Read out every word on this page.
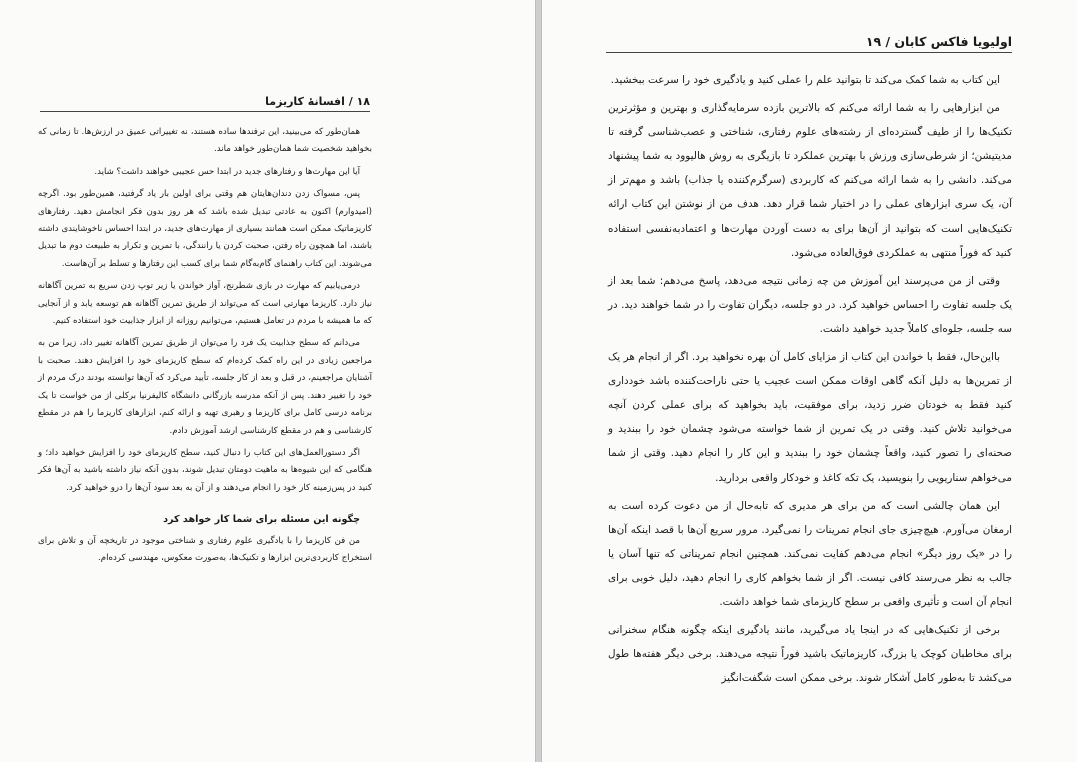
۱۸ / افسانهٔ کاریزما

همان‌طور که می‌بینید، این ترفندها ساده هستند، نه تغییراتی عمیق در ارزش‌ها. تا زمانی که بخواهید شخصیت شما همان‌طور خواهد ماند.

آیا این مهارت‌ها و رفتارهای جدید در ابتدا حس عجیبی خواهند داشت؟ شاید.

پس، مسواک زدن دندان‌هایتان هم وقتی برای اولین بار یاد گرفتید، همین‌طور بود. اگرچه (امیدوارم) اکنون به عادتی تبدیل شده باشد که هر روز بدون فکر انجامش دهید. رفتارهای کاریزماتیک ممکن است همانند بسیاری از مهارت‌های جدید، در ابتدا احساس ناخوشایندی داشته باشند، اما همچون راه رفتن، صحبت کردن یا رانندگی، با تمرین و تکرار به طبیعت دوم ما تبدیل می‌شوند. این کتاب راهنمای گام‌به‌گام شما برای کسب این رفتارها و تسلط بر آن‌هاست.

درمی‌یابیم که مهارت در بازی شطرنج، آواز خواندن یا زیر توپ زدن سریع به تمرین آگاهانه نیاز دارد. کاریزما مهارتی است که می‌تواند از طریق تمرین آگاهانه هم توسعه یابد و از آنجایی که ما همیشه با مردم در تعامل هستیم، می‌توانیم روزانه از ابزار جذابیت خود استفاده کنیم.

می‌دانم که سطح جذابیت یک فرد را می‌توان از طریق تمرین آگاهانه تغییر داد، زیرا من به مراجعین زیادی در این راه کمک کرده‌ام که سطح کاریزمای خود را افزایش دهند. صحبت با آشنایان مراجعینم، در قبل و بعد از کار جلسه، تأیید می‌کرد که آن‌ها توانسته بودند درک مردم از خود را تغییر دهند. پس از آنکه مدرسه بازرگانی دانشگاه کالیفرنیا برکلی از من خواست تا یک برنامه درسی کامل برای کاریزما و رهبری تهیه و ارائه کنم، ابزارهای کاریزما را هم در مقطع کارشناسی و هم در مقطع کارشناسی ارشد آموزش دادم.

اگر دستورالعمل‌های این کتاب را دنبال کنید، سطح کاریزمای خود را افزایش خواهید داد؛ و هنگامی که این شیوه‌ها به ماهیت دومتان تبدیل شوند، بدون آنکه نیاز داشته باشید به آن‌ها فکر کنید در پس‌زمینه کار خود را انجام می‌دهند و از آن به بعد سود آن‌ها را درو خواهید کرد.

چگونه این مسئله برای شما کار خواهد کرد

من فن کاریزما را با یادگیری علوم رفتاری و شناختی موجود در تاریخچه آن و تلاش برای استخراج کاربردی‌ترین ابزارها و تکنیک‌ها، به‌صورت معکوس، مهندسی کرده‌ام.

اولیویا فاکس کابان / ۱۹

این کتاب به شما کمک می‌کند تا بتوانید علم را عملی کنید و یادگیری خود را سرعت ببخشید.

من ابزارهایی را به شما ارائه می‌کنم که بالاترین بازده سرمایه‌گذاری و بهترین و مؤثرترین تکنیک‌ها را از طیف گسترده‌ای از رشته‌های علوم رفتاری، شناختی و عصب‌شناسی گرفته تا مدیتیشن؛ از شرطی‌سازی ورزش با بهترین عملکرد تا بازیگری به روش هالیوود به شما پیشنهاد می‌کند. دانشی را به شما ارائه می‌کنم که کاربردی (سرگرم‌کننده یا جذاب) باشد و مهم‌تر از آن، یک سری ابزارهای عملی را در اختیار شما قرار دهد. هدف من از نوشتن این کتاب ارائه تکنیک‌هایی است که بتوانید از آن‌ها برای به دست آوردن مهارت‌ها و اعتمادبه‌نفسی استفاده کنید که فوراً منتهی به عملکردی فوق‌العاده می‌شود.

وقتی از من می‌پرسند این آموزش من چه زمانی نتیجه می‌دهد، پاسخ می‌دهم: شما بعد از یک جلسه تفاوت را احساس خواهید کرد. در دو جلسه، دیگران تفاوت را در شما خواهند دید. در سه جلسه، جلوه‌ای کاملاً جدید خواهید داشت.

بااین‌حال، فقط با خواندن این کتاب از مزایای کامل آن بهره نخواهید برد. اگر از انجام هر یک از تمرین‌ها به دلیل آنکه گاهی اوقات ممکن است عجیب یا حتی ناراحت‌کننده باشد خودداری کنید فقط به خودتان ضرر زدید، برای موفقیت، باید بخواهید که برای عملی کردن آنچه می‌خوانید تلاش کنید. وقتی در یک تمرین از شما خواسته می‌شود چشمان خود را ببندید و صحنه‌ای را تصور کنید، واقعاً چشمان خود را ببندید و این کار را انجام دهید. وقتی از شما می‌خواهم سناریویی را بنویسید، یک تکه کاغذ و خودکار واقعی بردارید.

این همان چالشی است که من برای هر مدیری که تابه‌حال از من دعوت کرده است به ارمغان می‌آورم. هیچ‌چیزی جای انجام تمرینات را نمی‌گیرد. مرور سریع آن‌ها با قصد اینکه آن‌ها را در «یک روز دیگر» انجام می‌دهم کفایت نمی‌کند. همچنین انجام تمریناتی که تنها آسان یا جالب به نظر می‌رسند کافی نیست. اگر از شما بخواهم کاری را انجام دهید، دلیل خوبی برای انجام آن است و تأثیری واقعی بر سطح کاریزمای شما خواهد داشت.

برخی از تکنیک‌هایی که در اینجا یاد می‌گیرید، مانند یادگیری اینکه چگونه هنگام سخنرانی برای مخاطبان کوچک یا بزرگ، کاریزماتیک باشید فوراً نتیجه می‌دهند. برخی دیگر هفته‌ها طول می‌کشد تا به‌طور کامل آشکار شوند. برخی ممکن است شگفت‌انگیز
